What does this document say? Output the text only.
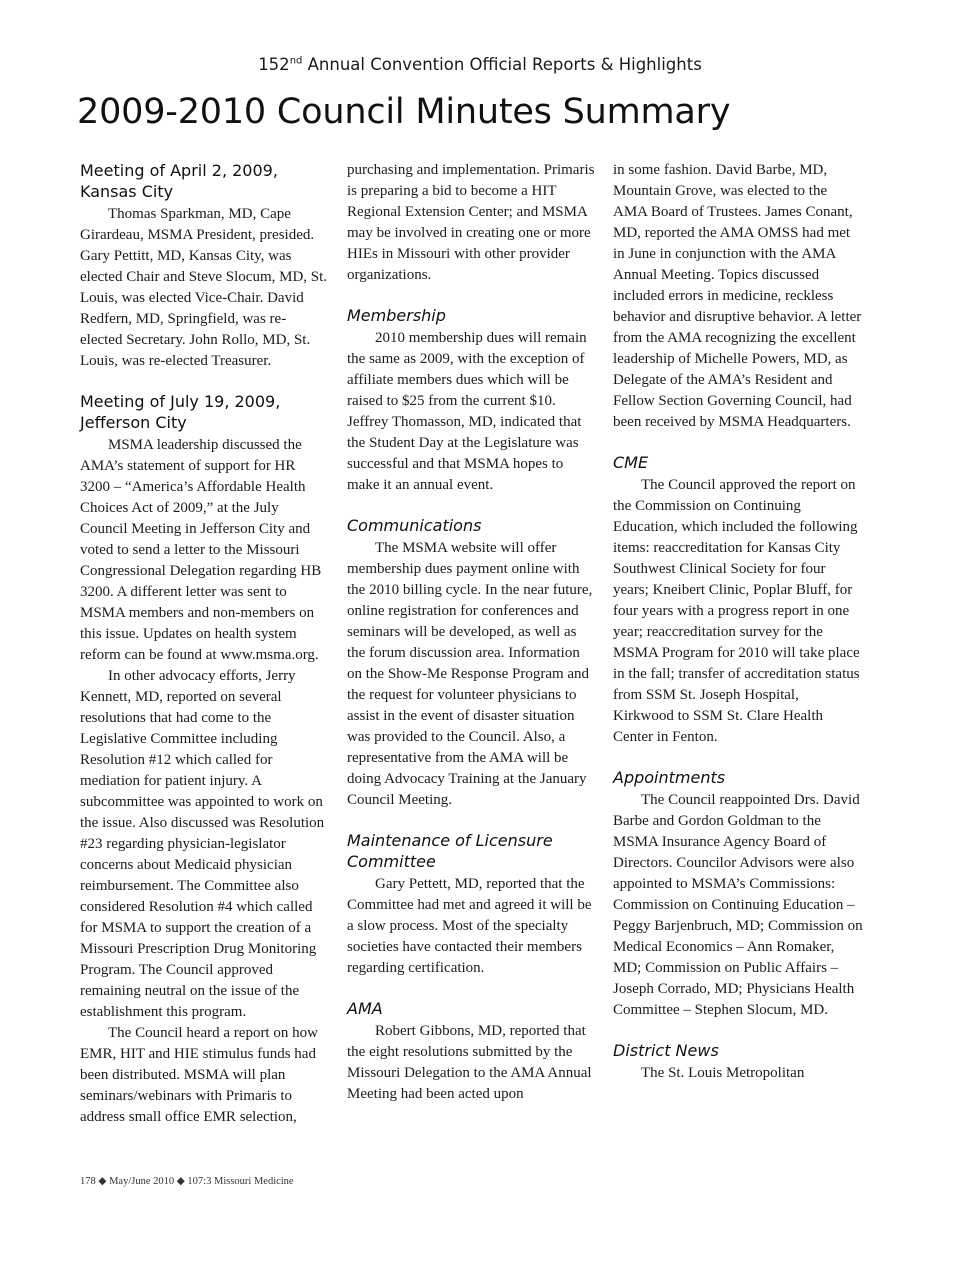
152nd Annual Convention Official Reports & Highlights
2009-2010 Council Minutes Summary
Meeting of April 2, 2009, Kansas City

Thomas Sparkman, MD, Cape Girardeau, MSMA President, presided. Gary Pettitt, MD, Kansas City, was elected Chair and Steve Slocum, MD, St. Louis, was elected Vice-Chair. David Redfern, MD, Springfield, was re-elected Secretary. John Rollo, MD, St. Louis, was re-elected Treasurer.

Meeting of July 19, 2009, Jefferson City

MSMA leadership discussed the AMA’s statement of support for HR 3200 – “America’s Affordable Health Choices Act of 2009,” at the July Council Meeting in Jefferson City and voted to send a letter to the Missouri Congressional Delegation regarding HB 3200. A different letter was sent to MSMA members and non-members on this issue. Updates on health system reform can be found at www.msma.org.

In other advocacy efforts, Jerry Kennett, MD, reported on several resolutions that had come to the Legislative Committee including Resolution #12 which called for mediation for patient injury. A subcommittee was appointed to work on the issue. Also discussed was Resolution #23 regarding physician-legislator concerns about Medicaid physician reimbursement. The Committee also considered Resolution #4 which called for MSMA to support the creation of a Missouri Prescription Drug Monitoring Program. The Council approved remaining neutral on the issue of the establishment this program.

The Council heard a report on how EMR, HIT and HIE stimulus funds had been distributed. MSMA will plan seminars/webinars with Primaris to address small office EMR selection,

purchasing and implementation. Primaris is preparing a bid to become a HIT Regional Extension Center; and MSMA may be involved in creating one or more HIEs in Missouri with other provider organizations.

Membership

2010 membership dues will remain the same as 2009, with the exception of affiliate members dues which will be raised to $25 from the current $10. Jeffrey Thomasson, MD, indicated that the Student Day at the Legislature was successful and that MSMA hopes to make it an annual event.

Communications

The MSMA website will offer membership dues payment online with the 2010 billing cycle. In the near future, online registration for conferences and seminars will be developed, as well as the forum discussion area. Information on the Show-Me Response Program and the request for volunteer physicians to assist in the event of disaster situation was provided to the Council. Also, a representative from the AMA will be doing Advocacy Training at the January Council Meeting.

Maintenance of Licensure Committee

Gary Pettett, MD, reported that the Committee had met and agreed it will be a slow process. Most of the specialty societies have contacted their members regarding certification.

AMA

Robert Gibbons, MD, reported that the eight resolutions submitted by the Missouri Delegation to the AMA Annual Meeting had been acted upon

in some fashion. David Barbe, MD, Mountain Grove, was elected to the AMA Board of Trustees. James Conant, MD, reported the AMA OMSS had met in June in conjunction with the AMA Annual Meeting. Topics discussed included errors in medicine, reckless behavior and disruptive behavior. A letter from the AMA recognizing the excellent leadership of Michelle Powers, MD, as Delegate of the AMA’s Resident and Fellow Section Governing Council, had been received by MSMA Headquarters.

CME

The Council approved the report on the Commission on Continuing Education, which included the following items: reaccreditation for Kansas City Southwest Clinical Society for four years; Kneibert Clinic, Poplar Bluff, for four years with a progress report in one year; reaccreditation survey for the MSMA Program for 2010 will take place in the fall; transfer of accreditation status from SSM St. Joseph Hospital, Kirkwood to SSM St. Clare Health Center in Fenton.

Appointments

The Council reappointed Drs. David Barbe and Gordon Goldman to the MSMA Insurance Agency Board of Directors. Councilor Advisors were also appointed to MSMA’s Commissions: Commission on Continuing Education – Peggy Barjenbruch, MD; Commission on Medical Economics – Ann Romaker, MD; Commission on Public Affairs – Joseph Corrado, MD; Physicians Health Committee – Stephen Slocum, MD.

District News

The St. Louis Metropolitan

178 ◆ May/June 2010 ◆ 107:3 Missouri Medicine
